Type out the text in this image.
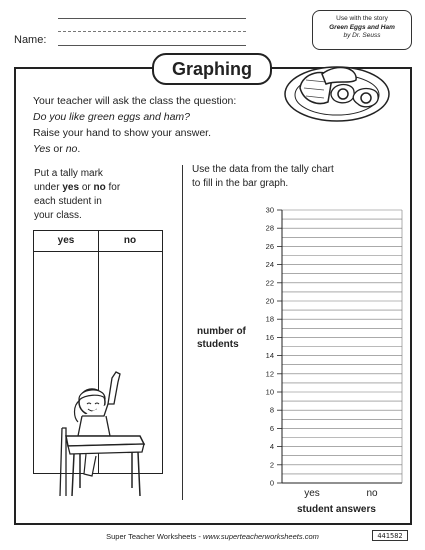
Name:
Use with the story
Green Eggs and Ham
by Dr. Seuss
Graphing
Your teacher will ask the class the question:
Do you like green eggs and ham?
Raise your hand to show your answer.
Yes or no.
Put a tally mark
under yes or no for
each student in
your class.
yes	no
Use the data from the tally chart
to fill in the bar graph.
0
2
4
6
8
10
12
14
16
18
20
22
24
26
28
30
yes	no
number of
students
student answers
Super Teacher Worksheets - www.superteacherworksheets.com	441582
